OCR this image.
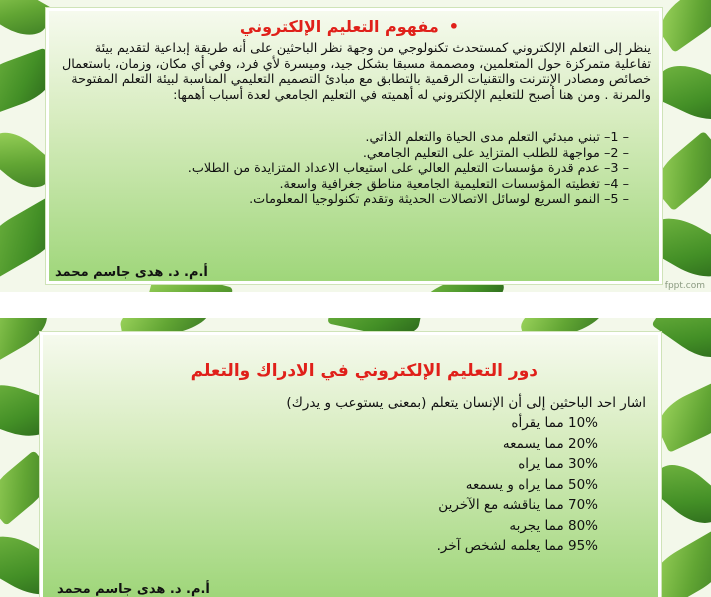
•مفهوم التعليم الإلكتروني
ينظر إلى التعلم الإلكتروني كمستحدث تكنولوجي من وجهة نظر الباحثين على أنه طريقة إبداعية لتقديم بيئة تفاعلية متمركزة حول المتعلمين، ومصممة مسبقا بشكل جيد، وميسرة لأي فرد، وفي أي مكان، وزمان، باستعمال خصائص ومصادر الإنترنت والتقنيات الرقمية بالتطابق مع مبادئ التصميم التعليمي المناسبة لبيئة التعلم المفتوحة والمرنة . ومن هنا أصبح للتعليم الإلكتروني له أهميته في التعليم الجامعي لعدة أسباب أهمها:
– 1– تبني مبدئي التعلم مدى الحياة والتعلم الذاتي.
– 2– مواجهة للطلب المتزايد على التعليم الجامعي.
– 3– عدم قدرة مؤسسات التعليم العالي على استيعاب الاعداد المتزايدة من الطلاب.
– 4– تغطيته المؤسسات التعليمية الجامعية مناطق جغرافية واسعة.
– 5– النمو السريع لوسائل الاتصالات الحديثة وتقدم تكنولوجيا المعلومات.
أ.م. د. هدى جاسم محمد
fppt.com
دور التعليم الإلكتروني في الادراك والتعلم
اشار احد الباحثين إلى أن الإنسان يتعلم (بمعنى يستوعب و يدرك)
10% مما يقرأه
20% مما يسمعه
30% مما يراه
50% مما يراه و يسمعه
70% مما يناقشه مع الآخرين
80% مما يجربه
95% مما يعلمه لشخص آخر.
أ.م. د. هدى جاسم محمد
